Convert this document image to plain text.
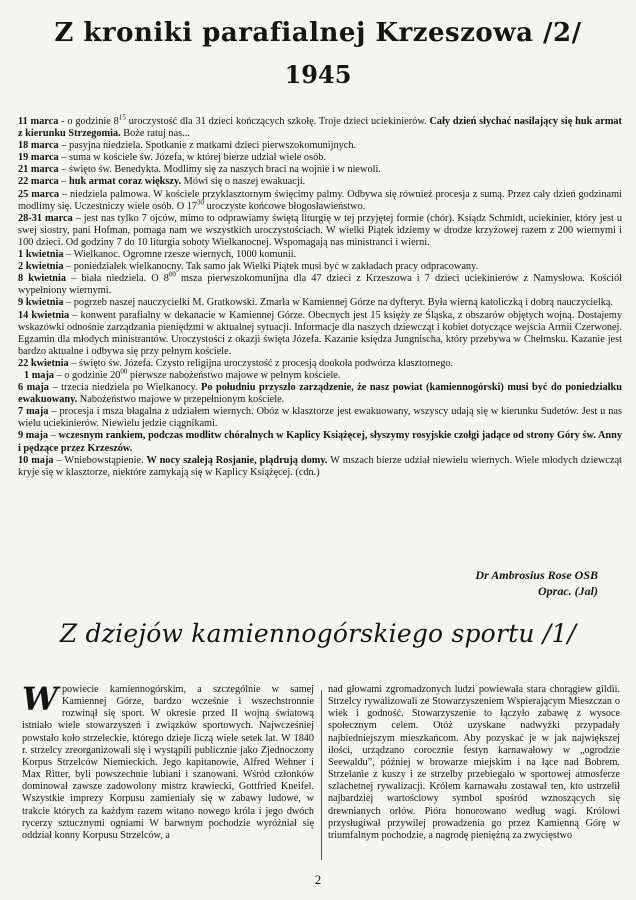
Z kroniki parafialnej Krzeszowa /2/
1945

11 marca - o godzinie $8^{15}$ uroczystość dla 31 dzieci kończących szkołę. Troje dzieci uciekinierów. Cały dzień słychać nasilający się huk armat z kierunku Strzegomia. Boże ratuj nas...

18 marca – pasyjna niedziela. Spotkanie z matkami dzieci pierwszokomunijnych.

19 marca – suma w kościele św. Józefa, w której bierze udział wiele osób.

21 marca – święto św. Benedykta. Modlimy się za naszych braci na wojnie i w niewoli.

22 marca – huk armat coraz większy. Mówi się o naszej ewakuacji.

25 marca – niedziela palmowa. W kościele przyklasztornym święcimy palmy. Odbywa się również procesja z sumą. Przez cały dzień godzinami modlimy się. Uczestniczy wiele osób. O $17^{30}$ uroczyste końcowe błogosławieństwo.

28-31 marca – jest nas tylko 7 ojców, mimo to odprawiamy świętą liturgię w tej przyjętej formie (chór). Ksiądz Schmidt, uciekinier, który jest u swej siostry, pani Hofman, pomaga nam we wszystkich uroczystościach. W wielki Piątek idziemy w drodze krzyżowej razem z 200 wiernymi i 100 dzieci. Od godziny 7 do 10 liturgia soboty Wielkanocnej. Wspomagają nas ministranci i wierni.

1 kwietnia – Wielkanoc. Ogromne rzesze wiernych, 1000 komunii.

2 kwietnia – poniedziałek wielkanocny. Tak samo jak Wielki Piątek musi być w zakładach pracy odpracowany.

8 kwietnia – biała niedziela. O $8^{00}$ msza pierwszokomunijna dla 47 dzieci z Krzeszowa i 7 dzieci uciekinierów z Namysłowa. Kościół wypełniony wiernymi.

9 kwietnia – pogrzeb naszej nauczycielki M. Gratkowski. Zmarła w Kamiennej Górze na dyfteryt. Była wierną katoliczką i dobrą nauczycielką.

14 kwietnia – konwent parafialny w dekanacie w Kamiennej Górze. Obecnych jest 15 księży ze Śląska, z obszarów objętych wojną. Dostajemy wskazówki odnośnie zarządzania pieniędzmi w aktualnej sytuacji. Informacje dla naszych dziewcząt i kobiet dotyczące wejścia Armii Czerwonej. Egzamin dla młodych ministrantów. Uroczystości z okazji święta Józefa. Kazanie księdza Jungnischa, który przebywa w Chełmsku. Kazanie jest bardzo aktualne i odbywa się przy pełnym kościele.

22 kwietnia – święto św. Józefa. Czysto religijna uroczystość z procesją dookoła podwórza klasztornego.

1 maja – o godzinie $20^{00}$ pierwsze nabożeństwo majowe w pełnym kościele.

6 maja – trzecia niedziela po Wielkanocy. Po południu przyszło zarządzenie, że nasz powiat (kamiennogórski) musi być do poniedziałku ewakuowany. Nabożeństwo majowe w przepełnionym kościele.

7 maja – procesja i msza błagalna z udziałem wiernych. Obóz w klasztorze jest ewakuowany, wszyscy udają się w kierunku Sudetów. Jest u nas wielu uciekinierów. Niewielu jedzie ciągnikami.

9 maja – wczesnym rankiem, podczas modlitw chóralnych w Kaplicy Książęcej, słyszymy rosyjskie czołgi jadące od strony Góry św. Anny i pędzące przez Krzeszów.

10 maja – Wniebowstąpienie. W nocy szaleją Rosjanie, plądrują domy. W mszach bierze udział niewielu wiernych. Wiele młodych dziewcząt kryje się w klasztorze, niektóre zamykają się w Kaplicy Książęcej. (cdn.)

Dr Ambrosius Rose OSB
Oprac. (Jal)
Z dziejów kamiennogórskiego sportu /1/

Wpowiecie kamiennogórskim, a szczególnie w samej Kamiennej Górze, bardzo wcześnie i wszechstronnie rozwinął się sport. W okresie przed II wojną światową istniało wiele stowarzyszeń i związków sportowych. Najwcześniej powstało koło strzeleckie, którego dzieje liczą wiele setek lat. W 1840 r. strzelcy zreorganizowali się i wystąpili publicznie jako Zjednoczony Korpus Strzelców Niemieckich. Jego kapitanowie, Alfred Wehner i Max Ritter, byli powszechnie lubiani i szanowani. Wśród członków dominował zawsze zadowolony mistrz krawiecki, Gottfried Kneifel. Wszystkie imprezy Korpusu zamieniały się w zabawy ludowe, w trakcie których za każdym razem witano nowego króla i jego dwóch rycerzy sztucznymi ogniami W barwnym pochodzie wyróżniał się oddział konny Korpusu Strzelców, a

nad głowami zgromadzonych ludzi powiewała stara chorągiew gildii. Strzelcy rywalizowali ze Stowarzyszeniem Wspierającym Mieszczan o wiek i godność. Stowarzyszenie to łączyło zabawę z wysoce społecznym celem. Otóż uzyskane nadwyżki przypadały najbiedniejszym mieszkańcom. Aby pozyskać je w jak największej ilości, urządzano corocznie festyn karnawałowy w „ogrodzie Seewaldu”, później w browarze miejskim i na łące nad Bobrem. Strzelanie z kuszy i ze strzelby przebiegało w sportowej atmosferze szlachetnej rywalizacji. Królem karnawału zostawał ten, kto ustrzelił najbardziej wartościowy symbol spośród wznoszących się drewnianych orłów. Pióra honorowano według wagi. Królowi przysługiwał przywilej prowadzenia go przez Kamienną Górę w triumfalnym pochodzie, a nagrodę pieniężną za zwycięstwo

2
